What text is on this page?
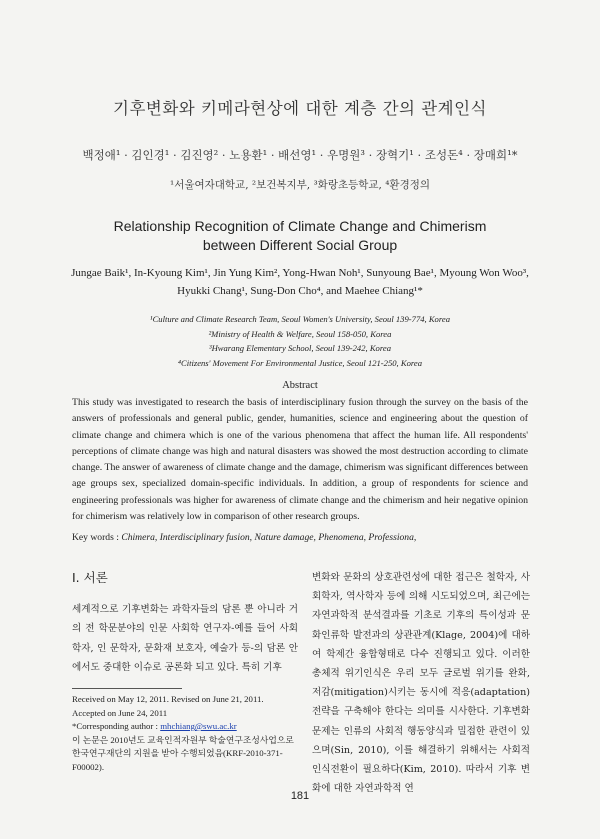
기후변화와 키메라현상에 대한 계층 간의 관계인식
백정애¹ · 김인경¹ · 김진영² · 노용환¹ · 배선영¹ · 우명원³ · 장혁기¹ · 조성돈⁴ · 장매희¹*
¹서울여자대학교, ²보건복지부, ³화랑초등학교, ⁴환경정의
Relationship Recognition of Climate Change and Chimerism
between Different Social Group
Jungae Baik¹, In-Kyoung Kim¹, Jin Yung Kim², Yong-Hwan Noh¹, Sunyoung Bae¹, Myoung Won Woo³,
Hyukki Chang¹, Sung-Don Cho⁴, and Maehee Chiang¹*
¹Culture and Climate Research Team, Seoul Women's University, Seoul 139-774, Korea
²Ministry of Health & Welfare, Seoul 158-050, Korea
³Hwarang Elementary School, Seoul 139-242, Korea
⁴Citizens' Movement For Environmental Justice, Seoul 121-250, Korea
Abstract
This study was investigated to research the basis of interdisciplinary fusion through the survey on the basis of the answers of professionals and general public, gender, humanities, science and engineering about the question of climate change and chimera which is one of the various phenomena that affect the human life. All respondents' perceptions of climate change was high and natural disasters was showed the most destruction according to climate change. The answer of awareness of climate change and the damage, chimerism was significant differences between age groups sex, specialized domain-specific individuals. In addition, a group of respondents for science and engineering professionals was higher for awareness of climate change and the chimerism and heir negative opinion for chimerism was relatively low in comparison of other research groups.
Key words : Chimera, Interdisciplinary fusion, Nature damage, Phenomena, Professiona,
Ⅰ. 서론
세계적으로 기후변화는 과학자들의 담론 뿐 아니라 거의 전 학문분야의 인문 사회학 연구자-예를 들어 사회학자, 인 문학자, 문화재 보호자, 예술가 등-의 담론 안에서도 중대한 이슈로 공론화 되고 있다. 특히 기후
Received on May 12, 2011. Revised on June 21, 2011.
Accepted on June 24, 2011
*Corresponding author : mhchiang@swu.ac.kr
이 논문은 2010년도 교육인적자원부 학술연구조성사업으로
한국연구재단의 지원을 받아 수행되었음(KRF-2010-371-F00002).
변화와 문화의 상호관련성에 대한 접근은 철학자, 사회학자, 역사학자 등에 의해 시도되었으며, 최근에는 자연과학적 분석결과를 기초로 기후의 특이성과 문화인류학 발전과의 상관관계(Klage, 2004)에 대하여 학제간 융합형태로 다수 진행되고 있다. 이러한 총체적 위기인식은 우리 모두 글로벌 위기를 완화, 저감(mitigation)시키는 동시에 적응(adaptation)전략을 구축해야 한다는 의미를 시사한다. 기후변화문제는 인류의 사회적 행동양식과 밀접한 관련이 있으며(Sin, 2010), 이를 해결하기 위해서는 사회적 인식전환이 필요하다(Kim, 2010). 따라서 기후 변화에 대한 자연과학적 연
181
